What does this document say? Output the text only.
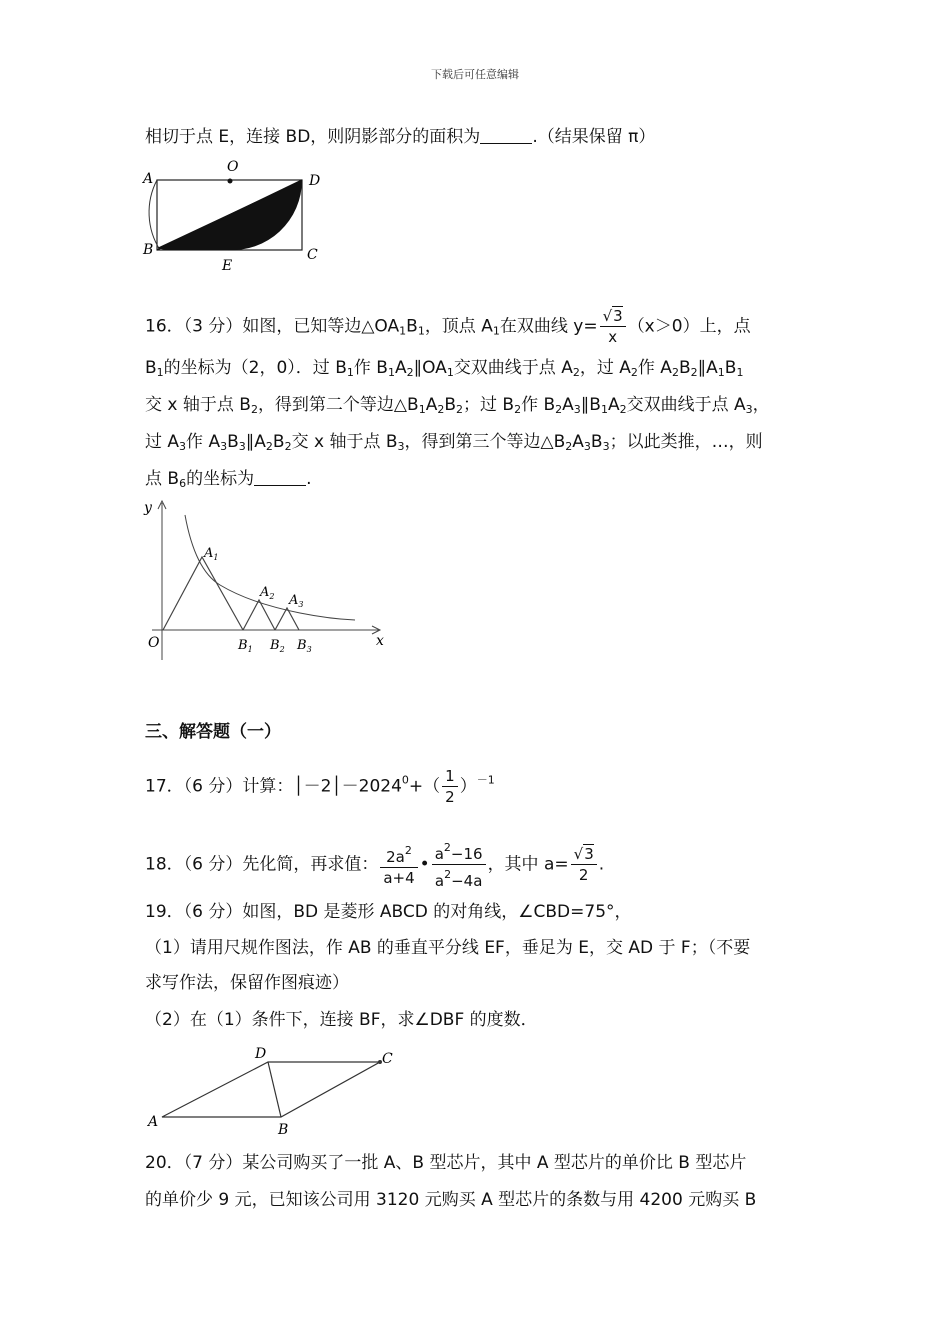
下载后可任意编辑
相切于点 E，连接 BD，则阴影部分的面积为	.（结果保留 π）
A
O
D
B
E
C
16．（3 分）如图，已知等边$\triangle OA_1B_1$，顶点 $A_1$在双曲线 $y= \frac{√3}{x} (x>0)$上，点
$B_1$的坐标为（2，0）．过 $B_1$作 $B_1A_2\parallel OA_1$交双曲线于点 $A_2$，过 $A_2$作 $A_2B_2\parallel A_1B_1$
交 x 轴于点 $B_2$，得到第二个等边$\triangle B_1A_2B_2$；过 $B_2$作 $B_2A_3\parallel B_1A_2$交双曲线于点 $A_3$，
过 $A_3$作 $A_3B_3\parallel A_2B_2$交 x 轴于点 $B_3$，得到第三个等边$\triangle B_2A_3B_3$；以此类推，…，则
点 $B_6$的坐标为	.
y
x
O
$A_1$
$A_2$ $A_3$
$B_1$ $B_2$ $B_3$
三、解答题（一）
17．（6 分）计算：$│-2│-2024^0+( \frac{1}{2} )^{-1}$
18．（6 分）先化简，再求值： $\frac{2a^2}{a+4}$ • $\frac{a^2-16}{a^2-4a}$ ，其中 $a= \frac{√3}{2}$ .
19．（6 分）如图，BD 是菱形 ABCD 的对角线，∠CBD=75°，
（1）请用尺规作图法，作 AB 的垂直平分线 EF，垂足为 E，交 AD 于 F；（不要
求写作法，保留作图痕迹）
（2）在（1）条件下，连接 BF，求∠DBF 的度数．
D	C
A	B
20．（7 分）某公司购买了一批 A、B 型芯片，其中 A 型芯片的单价比 B 型芯片
的单价少 9 元，已知该公司用 3120 元购买 A 型芯片的条数与用 4200 元购买 B
